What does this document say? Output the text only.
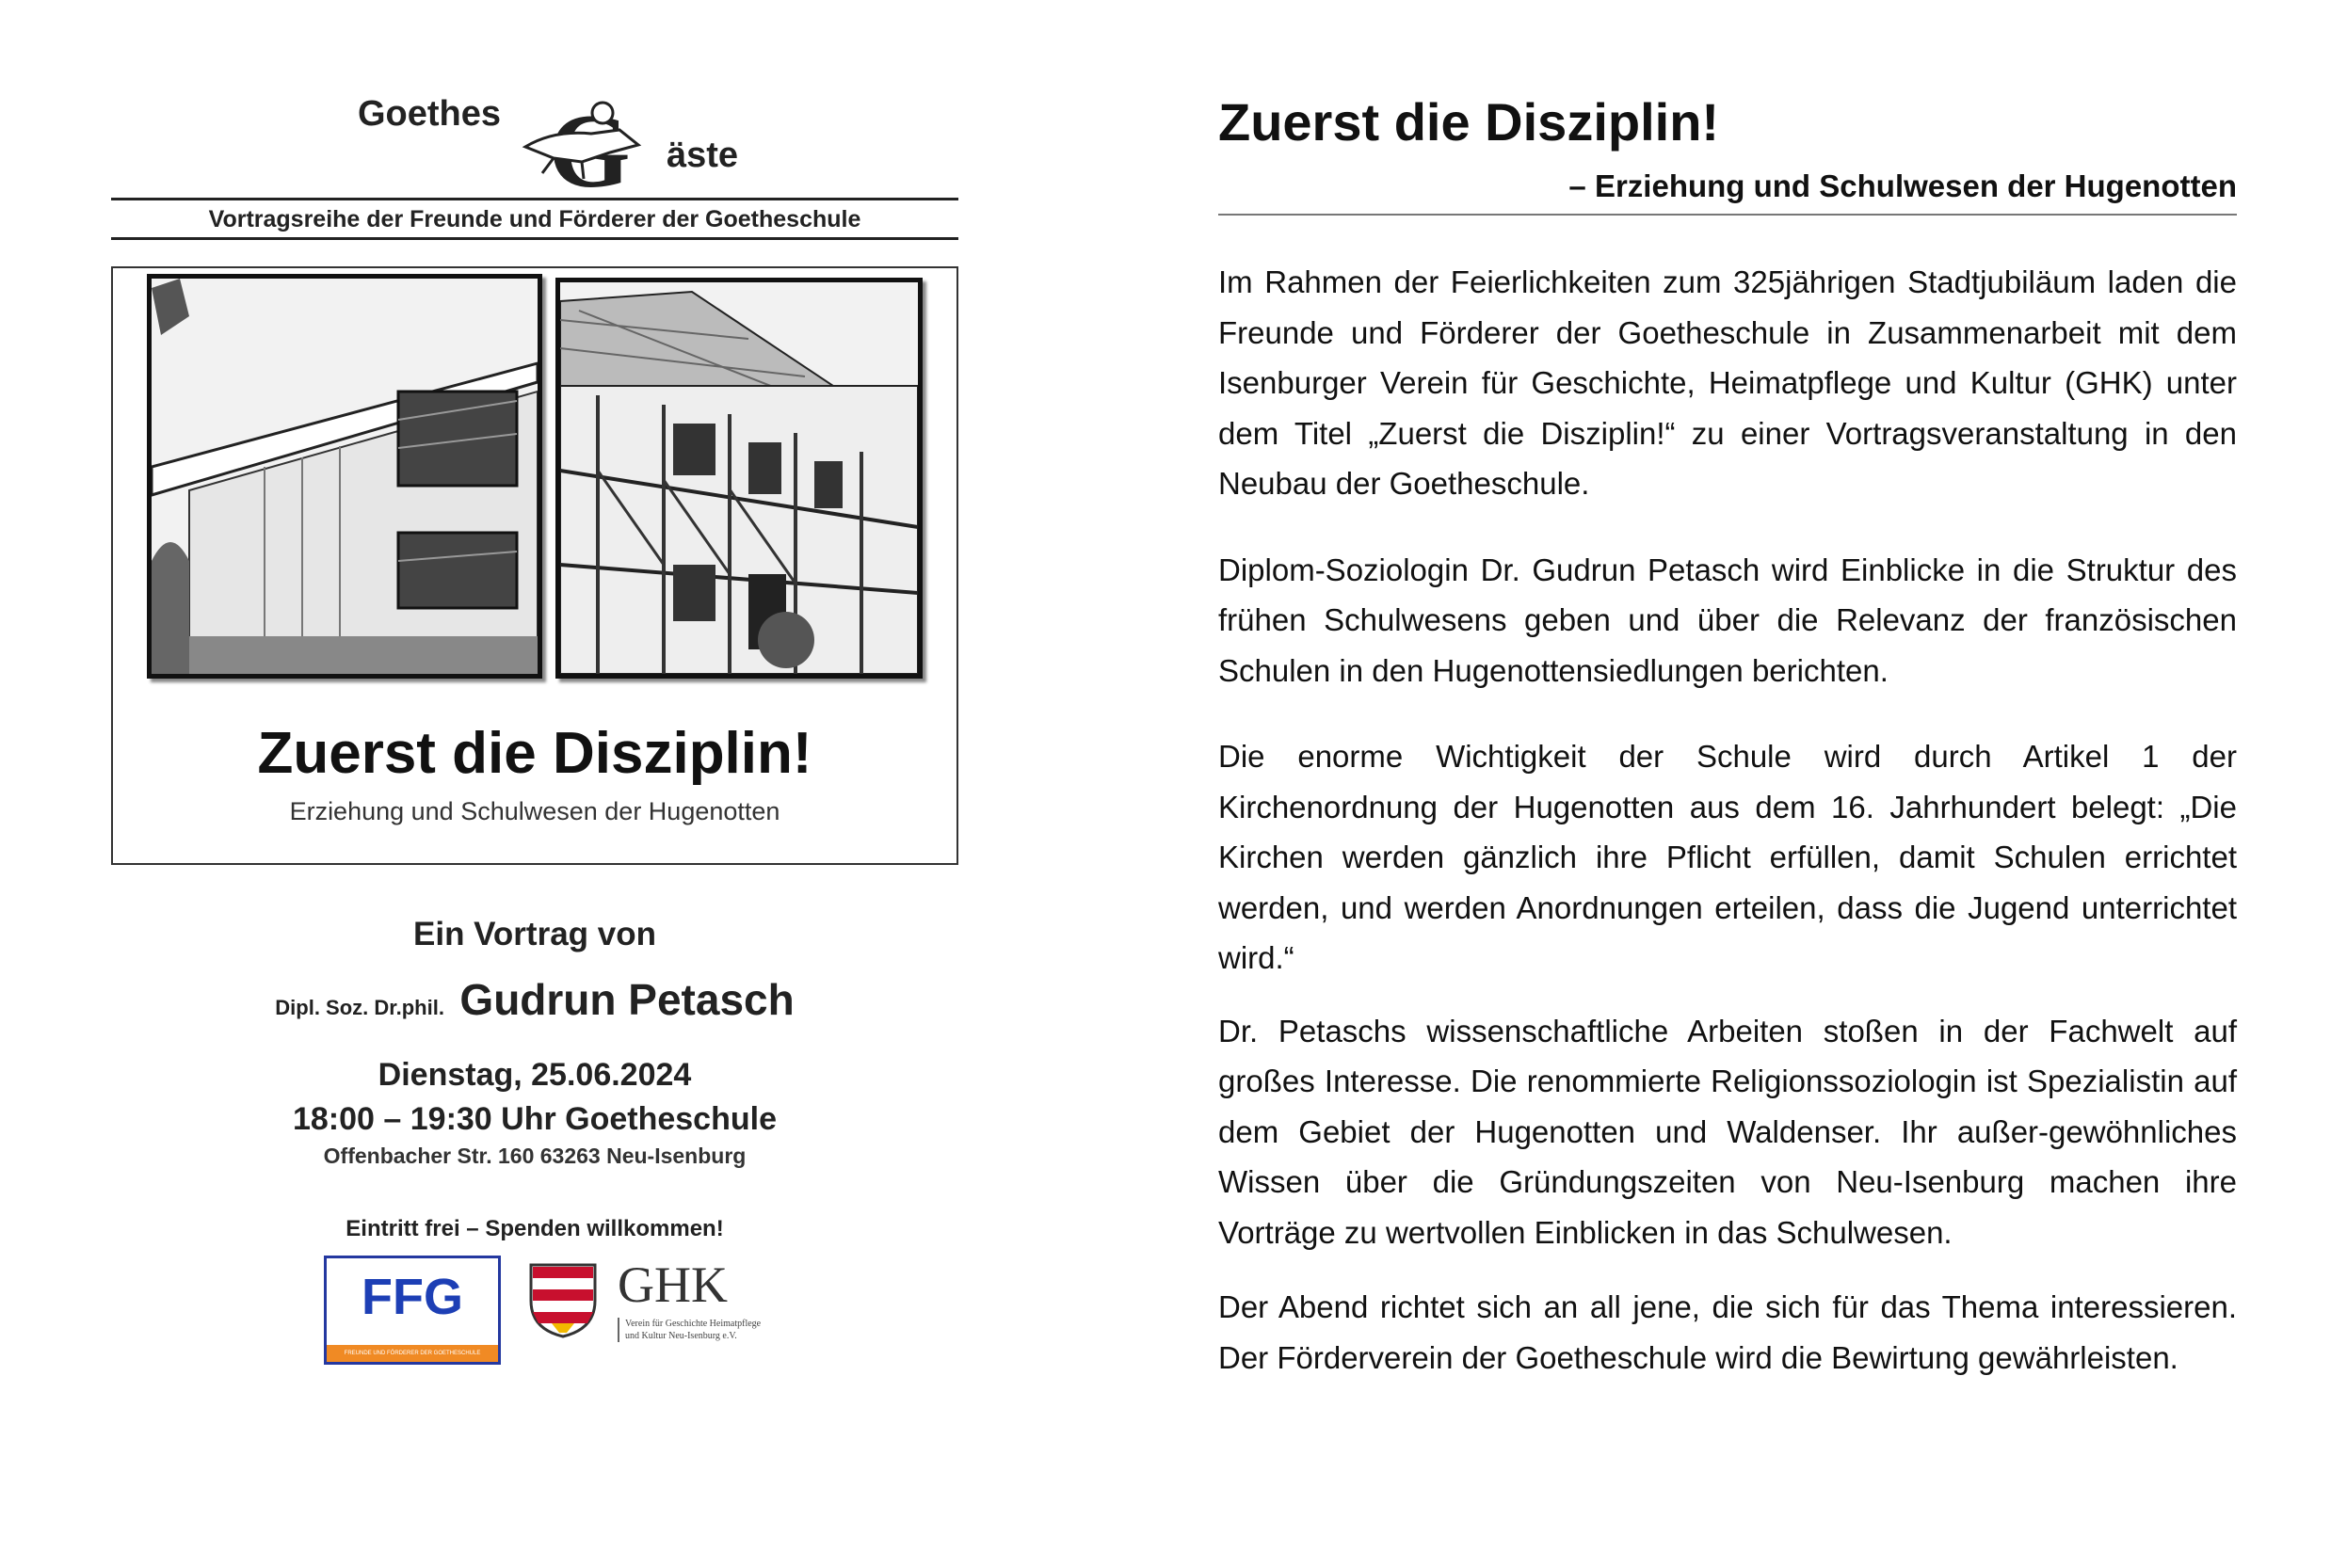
Goethes
äste
Vortragsreihe der Freunde und Förderer der Goetheschule
Zuerst die Disziplin!
Erziehung und Schulwesen der Hugenotten
Ein Vortrag von
Dipl. Soz. Dr.phil. Gudrun Petasch
Dienstag, 25.06.2024
18:00 – 19:30 Uhr Goetheschule
Offenbacher Str. 160 63263 Neu-Isenburg
Eintritt frei – Spenden willkommen!
FFG
FREUNDE UND FÖRDERER DER GOETHESCHULE
GHK
Verein für Geschichte Heimatpflege und Kultur Neu-Isenburg e.V.
Zuerst die Disziplin!
– Erziehung und Schulwesen der Hugenotten

Im Rahmen der Feierlichkeiten zum 325jährigen Stadtjubiläum laden die Freunde und Förderer der Goetheschule in Zusammenarbeit mit dem Isenburger Verein für Geschichte, Heimatpflege und Kultur (GHK) unter dem Titel „Zuerst die Disziplin!“ zu einer Vortragsveranstaltung in den Neubau der Goetheschule.

Diplom-Soziologin Dr. Gudrun Petasch wird Einblicke in die Struktur des frühen Schulwesens geben und über die Relevanz der französischen Schulen in den Hugenottensiedlungen berichten.

Die enorme Wichtigkeit der Schule wird durch Artikel 1 der Kirchenordnung der Hugenotten aus dem 16. Jahrhundert belegt: „Die Kirchen werden gänzlich ihre Pflicht erfüllen, damit Schulen errichtet werden, und werden Anordnungen erteilen, dass die Jugend unterrichtet wird.“

Dr. Petaschs wissenschaftliche Arbeiten stoßen in der Fachwelt auf großes Interesse. Die renommierte Religionssoziologin ist Spezialistin auf dem Gebiet der Hugenotten und Waldenser. Ihr außer-gewöhnliches Wissen über die Gründungszeiten von Neu-Isenburg machen ihre Vorträge zu wertvollen Einblicken in das Schulwesen.

Der Abend richtet sich an all jene, die sich für das Thema interessieren. Der Förderverein der Goetheschule wird die Bewirtung gewährleisten.
